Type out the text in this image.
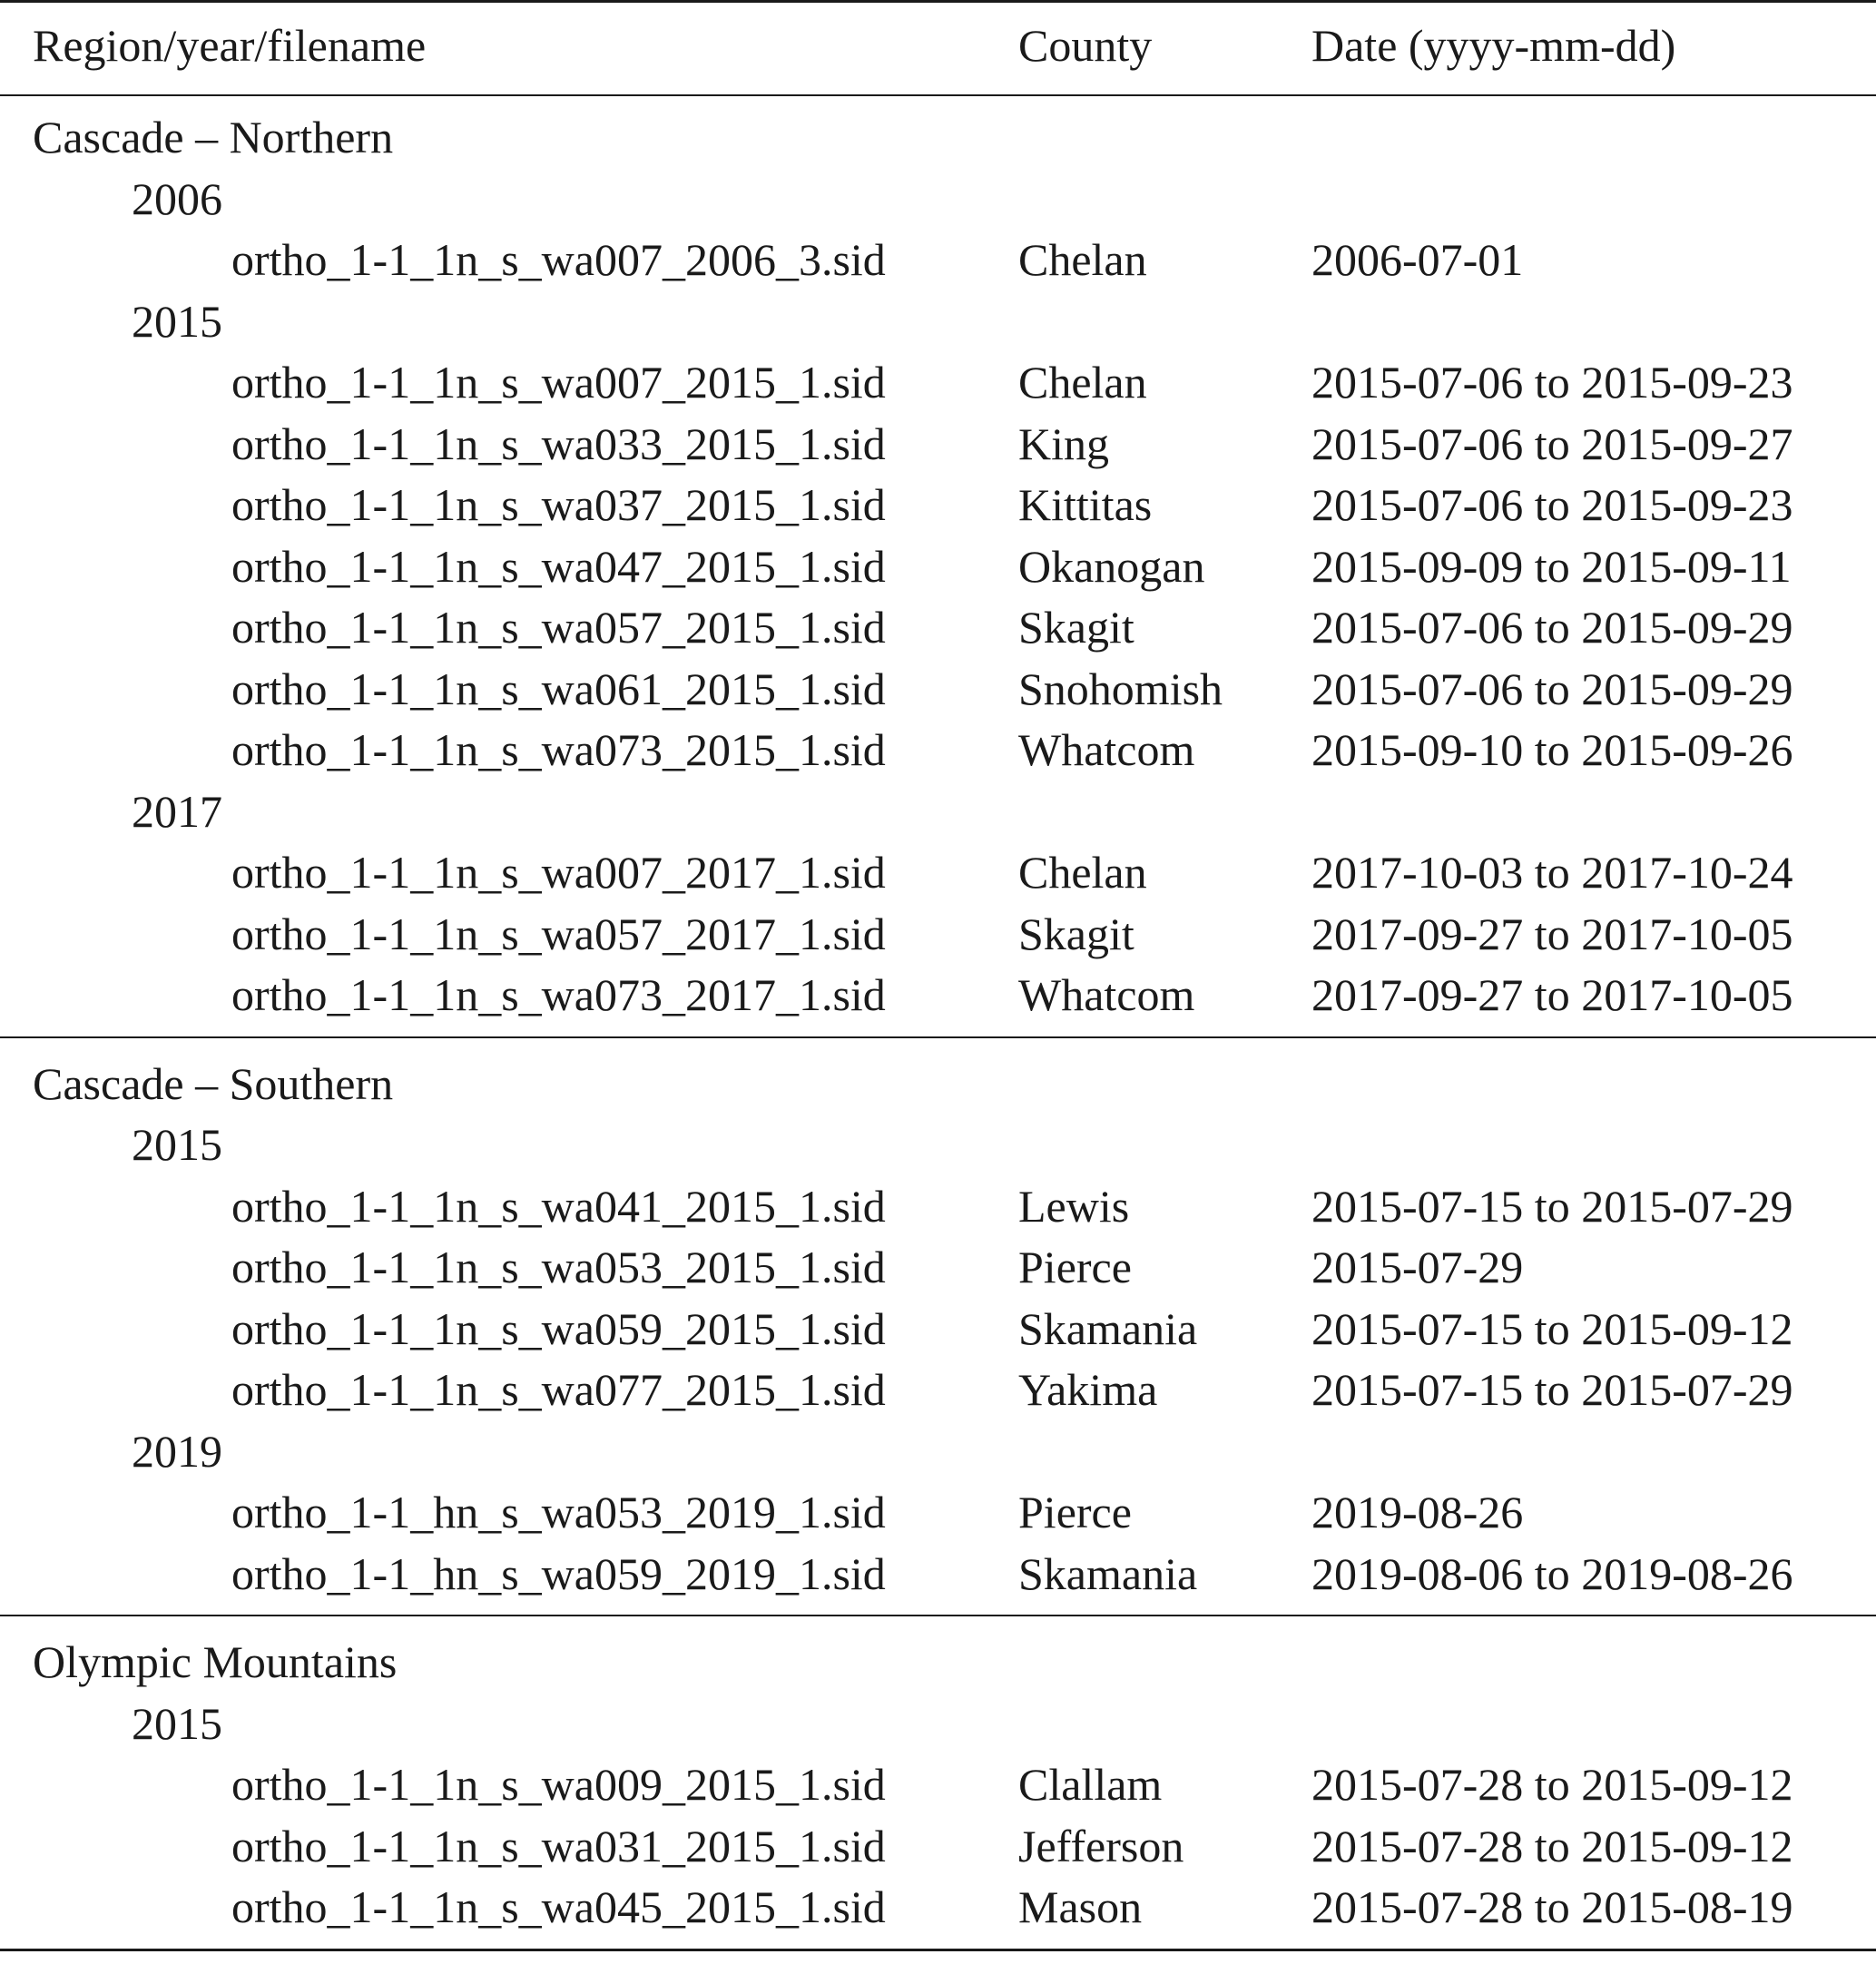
Region/year/filename	County	Date (yyyy-mm-dd)
Cascade – Northern
2006
ortho_1-1_1n_s_wa007_2006_3.sid	Chelan	2006-07-01
2015
ortho_1-1_1n_s_wa007_2015_1.sid	Chelan	2015-07-06 to 2015-09-23
ortho_1-1_1n_s_wa033_2015_1.sid	King	2015-07-06 to 2015-09-27
ortho_1-1_1n_s_wa037_2015_1.sid	Kittitas	2015-07-06 to 2015-09-23
ortho_1-1_1n_s_wa047_2015_1.sid	Okanogan 2015-09-09 to 2015-09-11
ortho_1-1_1n_s_wa057_2015_1.sid	Skagit	2015-07-06 to 2015-09-29
ortho_1-1_1n_s_wa061_2015_1.sid	Snohomish 2015-07-06 to 2015-09-29
ortho_1-1_1n_s_wa073_2015_1.sid	Whatcom	2015-09-10 to 2015-09-26
2017
ortho_1-1_1n_s_wa007_2017_1.sid	Chelan	2017-10-03 to 2017-10-24
ortho_1-1_1n_s_wa057_2017_1.sid	Skagit	2017-09-27 to 2017-10-05
ortho_1-1_1n_s_wa073_2017_1.sid	Whatcom	2017-09-27 to 2017-10-05
Cascade – Southern
2015
ortho_1-1_1n_s_wa041_2015_1.sid	Lewis	2015-07-15 to 2015-07-29
ortho_1-1_1n_s_wa053_2015_1.sid	Pierce	2015-07-29
ortho_1-1_1n_s_wa059_2015_1.sid	Skamania	2015-07-15 to 2015-09-12
ortho_1-1_1n_s_wa077_2015_1.sid	Yakima	2015-07-15 to 2015-07-29
2019
ortho_1-1_hn_s_wa053_2019_1.sid	Pierce	2019-08-26
ortho_1-1_hn_s_wa059_2019_1.sid	Skamania	2019-08-06 to 2019-08-26
Olympic Mountains
2015
ortho_1-1_1n_s_wa009_2015_1.sid	Clallam	2015-07-28 to 2015-09-12
ortho_1-1_1n_s_wa031_2015_1.sid	Jefferson	2015-07-28 to 2015-09-12
ortho_1-1_1n_s_wa045_2015_1.sid	Mason	2015-07-28 to 2015-08-19
